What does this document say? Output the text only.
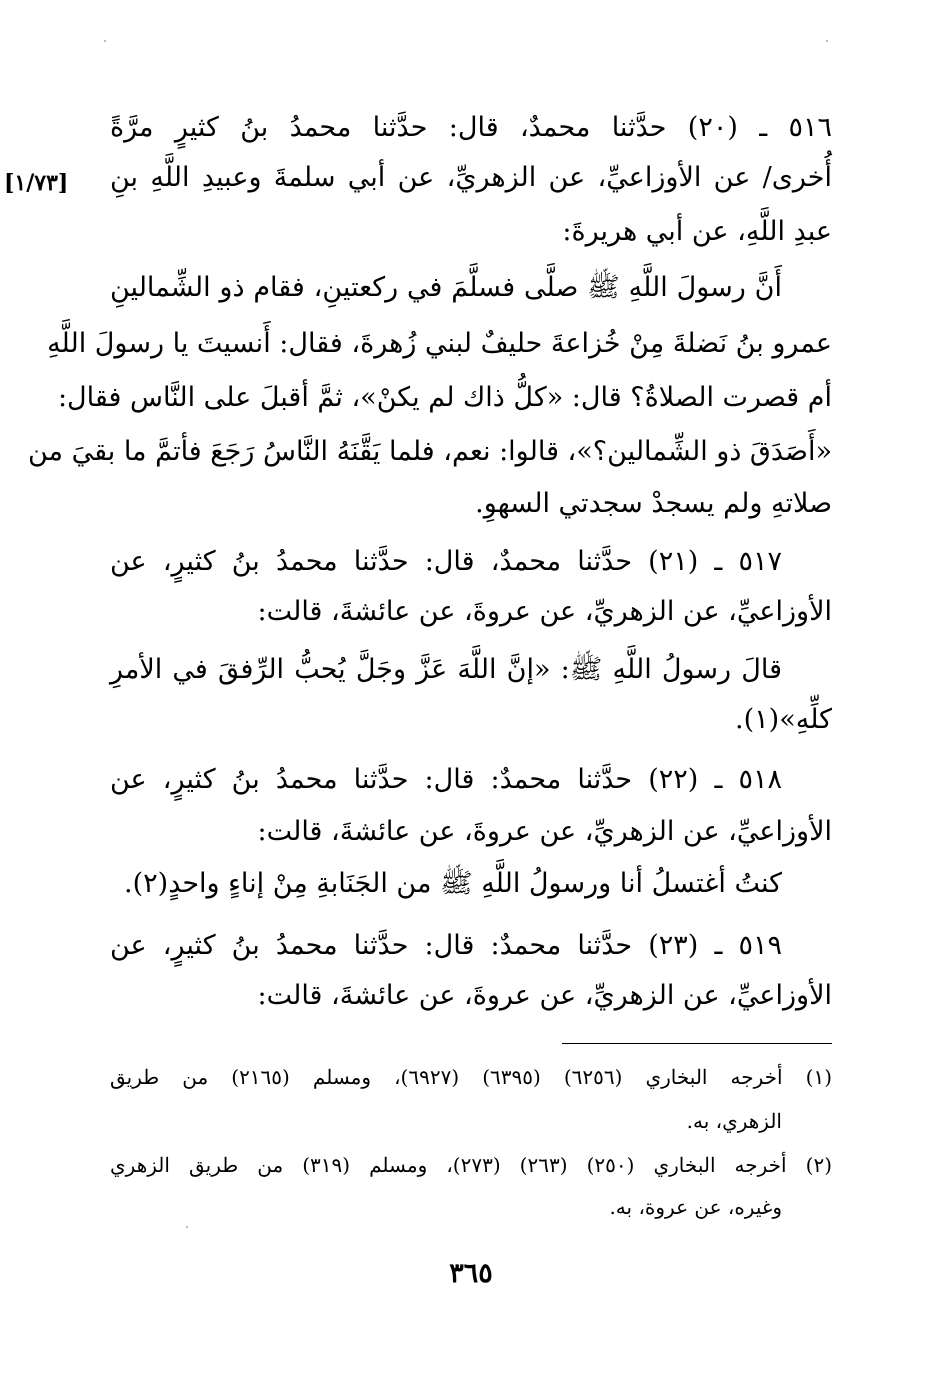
٥١٦ ـ (٢٠) حدَّثنا محمدٌ، قال: حدَّثنا محمدُ بنُ كثيرٍ مرَّةً
أُخرى/ عن الأوزاعيِّ، عن الزهريِّ، عن أبي سلمةَ وعبيدِ اللَّهِ بنِ
عبدِ اللَّهِ، عن أبي هريرةَ:
أَنَّ رسولَ اللَّهِ ﷺ صلَّى فسلَّمَ في ركعتينِ، فقام ذو الشِّمالينِ
عمرو بنُ نَضلةَ مِنْ خُزاعةَ حليفٌ لبني زُهرةَ، فقال: أَنسيتَ يا رسولَ اللَّهِ
أم قصرت الصلاةُ؟ قال: «كلُّ ذاك لم يكنْ»، ثمَّ أقبلَ على النَّاس فقال:
«أَصَدَقَ ذو الشِّمالين؟»، قالوا: نعم، فلما يَقَّنَهُ النَّاسُ رَجَعَ فأتمَّ ما بقيَ من
صلاتهِ ولم يسجدْ سجدتي السهوِ.
٥١٧ ـ (٢١) حدَّثنا محمدٌ، قال: حدَّثنا محمدُ بنُ كثيرٍ، عن
الأوزاعيِّ، عن الزهريِّ، عن عروةَ، عن عائشةَ، قالت:
قالَ رسولُ اللَّهِ ﷺ: «إنَّ اللَّهَ عَزَّ وجَلَّ يُحبُّ الرِّفقَ في الأمرِ
كلِّهِ»(١).
٥١٨ ـ (٢٢) حدَّثنا محمدٌ: قال: حدَّثنا محمدُ بنُ كثيرٍ، عن
الأوزاعيِّ، عن الزهريِّ، عن عروةَ، عن عائشةَ، قالت:
كنتُ أغتسلُ أنا ورسولُ اللَّهِ ﷺ من الجَنَابةِ مِنْ إناءٍ واحدٍ(٢).
٥١٩ ـ (٢٣) حدَّثنا محمدٌ: قال: حدَّثنا محمدُ بنُ كثيرٍ، عن
الأوزاعيِّ، عن الزهريِّ، عن عروةَ، عن عائشةَ، قالت:
[١/٧٣]
(١) أخرجه البخاري (٦٢٥٦) (٦٣٩٥) (٦٩٢٧)، ومسلم (٢١٦٥) من طريق
الزهري، به.
(٢) أخرجه البخاري (٢٥٠) (٢٦٣) (٢٧٣)، ومسلم (٣١٩) من طريق الزهري
وغيره، عن عروة، به.
٣٦٥
